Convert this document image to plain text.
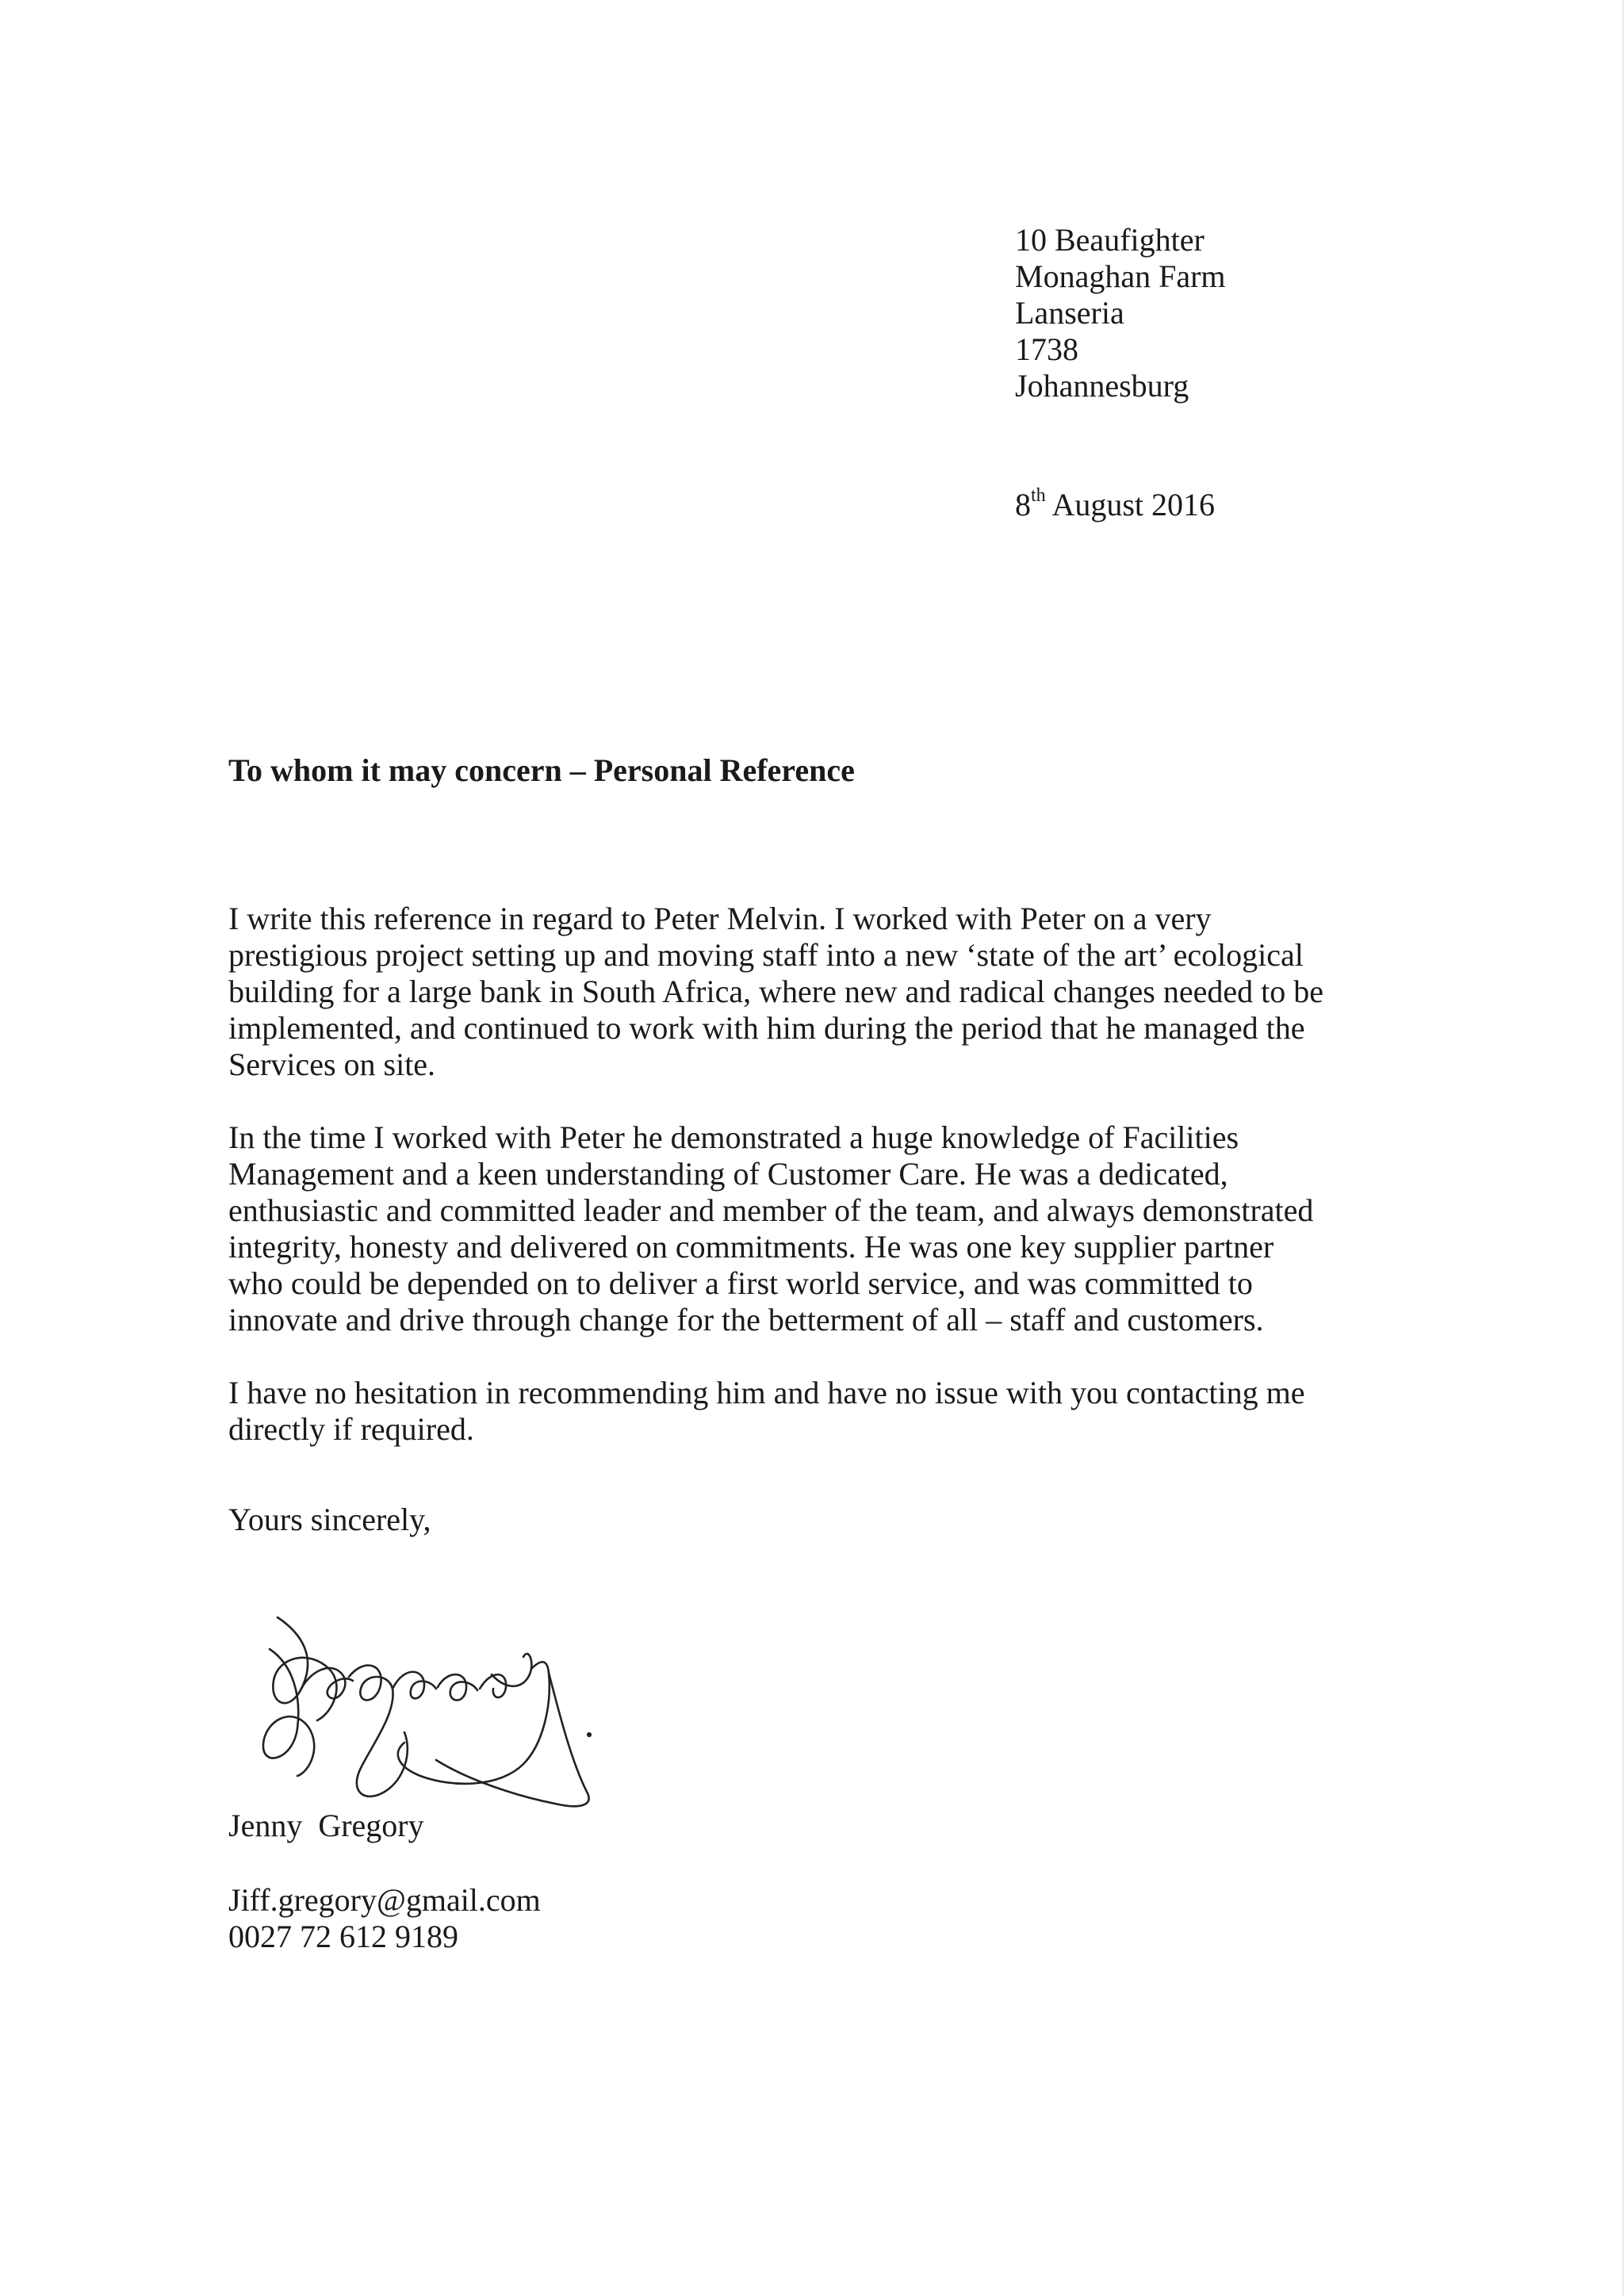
10 Beaufighter
Monaghan Farm
Lanseria
1738
Johannesburg
8th August 2016
To whom it may concern – Personal Reference

I write this reference in regard to Peter Melvin. I worked with Peter on a very
prestigious project setting up and moving staff into a new ‘state of the art’ ecological
building for a large bank in South Africa, where new and radical changes needed to be
implemented, and continued to work with him during the period that he managed the
Services on site.

In the time I worked with Peter he demonstrated a huge knowledge of Facilities
Management and a keen understanding of Customer Care. He was a dedicated,
enthusiastic and committed leader and member of the team, and always demonstrated
integrity, honesty and delivered on commitments. He was one key supplier partner
who could be depended on to deliver a first world service, and was committed to
innovate and drive through change for the betterment of all – staff and customers.

I have no hesitation in recommending him and have no issue with you contacting me
directly if required.

Yours sincerely,
Jenny Gregory
Jiff.gregory@gmail.com
0027 72 612 9189
